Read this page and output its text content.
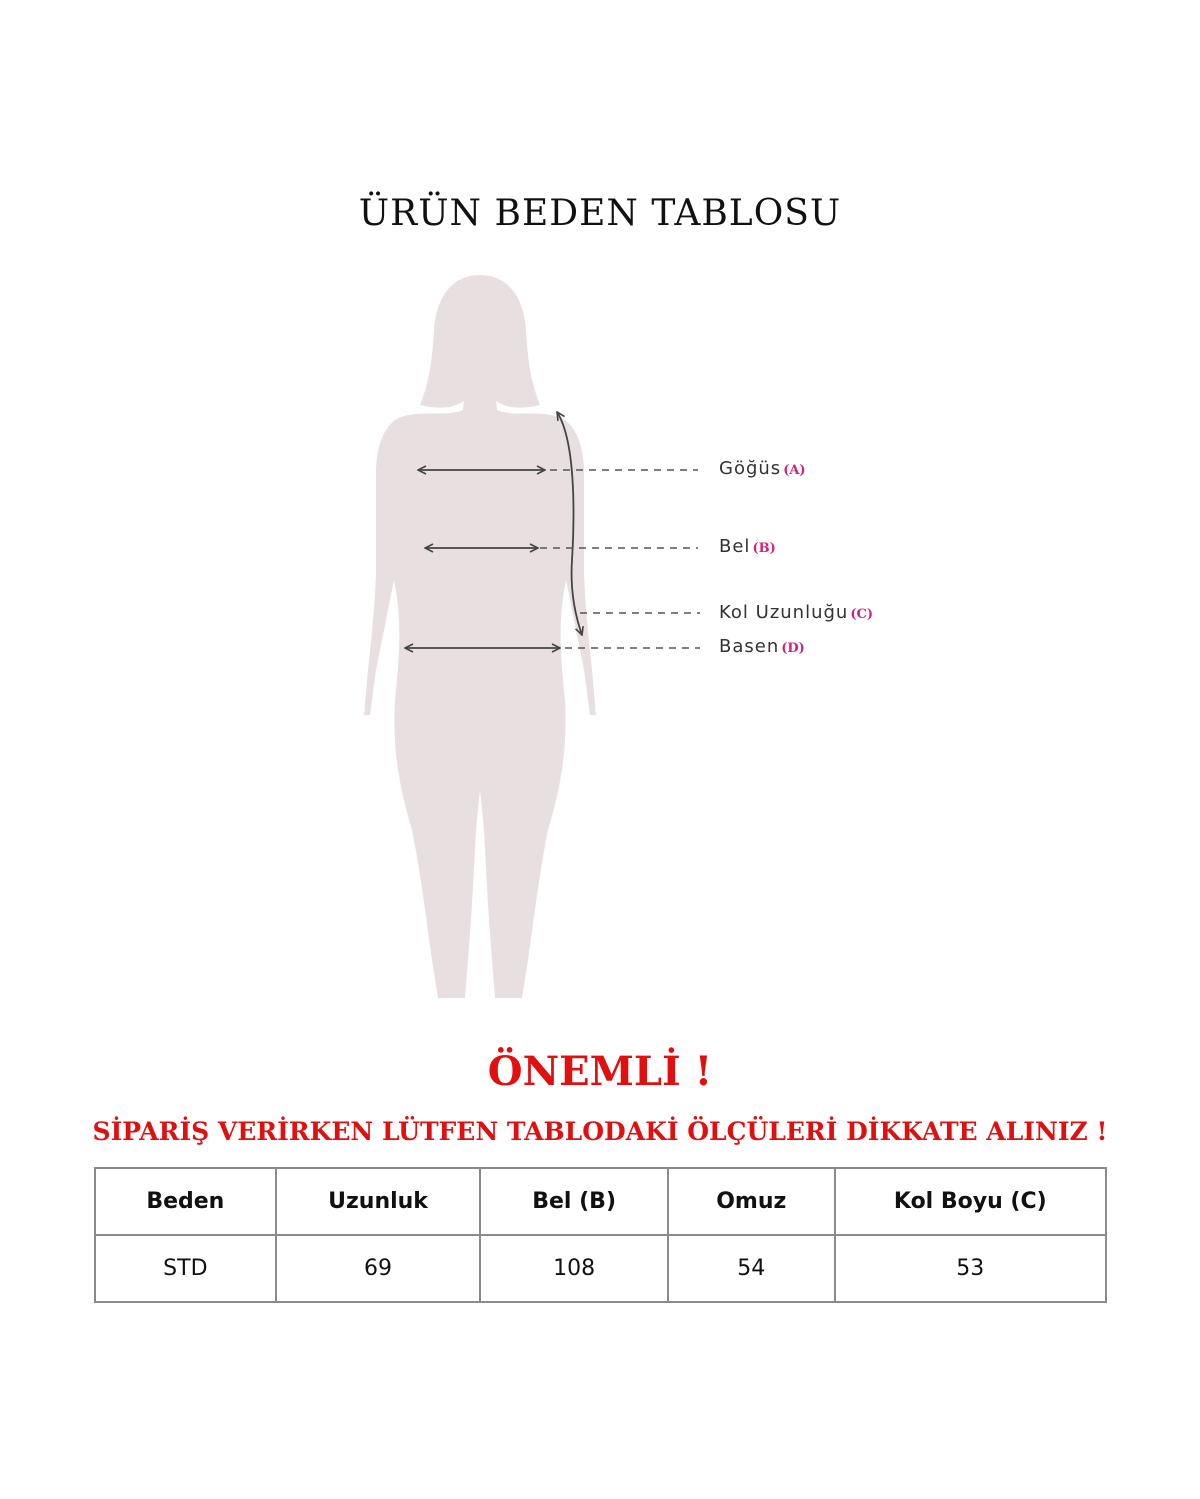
ÜRÜN BEDEN TABLOSU
Göğüs (A)
Bel (B)
Kol Uzunluğu (C)
Basen (D)
ÖNEMLİ !
SİPARİŞ VERİRKEN LÜTFEN TABLODAKİ ÖLÇÜLERİ DİKKATE ALINIZ !
Beden	Uzunluk	Bel (B)	Omuz	Kol Boyu (C)
STD	69	108	54	53
